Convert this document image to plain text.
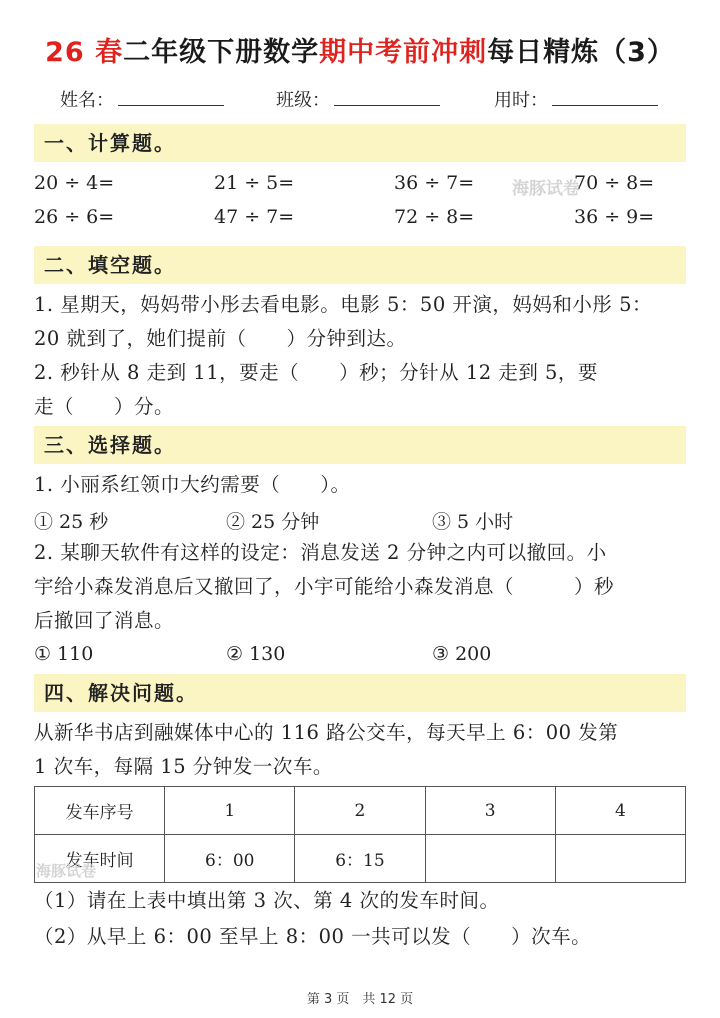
26 春二年级下册数学期中考前冲刺每日精炼（3）
姓名：	班级：	用时：
一、计算题。
20 ÷ 4=	21 ÷ 5=	36 ÷ 7=	70 ÷ 8=
26 ÷ 6=	47 ÷ 7=	72 ÷ 8=	36 ÷ 9=
海豚试卷
二、填空题。
1. 星期天，妈妈带小彤去看电影。电影 5：50 开演，妈妈和小彤 5：
20 就到了，她们提前（　　）分钟到达。
2. 秒针从 8 走到 11，要走（　　）秒；分针从 12 走到 5，要
走（　　）分。
三、选择题。
1. 小丽系红领巾大约需要（　　）。
① 25 秒	② 25 分钟	③ 5 小时
2. 某聊天软件有这样的设定：消息发送 2 分钟之内可以撤回。小
宇给小森发消息后又撤回了，小宇可能给小森发消息（　　　）秒
后撤回了消息。
① 110	② 130	③ 200
四、解决问题。
从新华书店到融媒体中心的 116 路公交车，每天早上 6：00 发第
1 次车，每隔 15 分钟发一次车。
发车序号	1	2	3	4
发车时间	6：00	6：15		
海豚试卷
（1）请在上表中填出第 3 次、第 4 次的发车时间。
（2）从早上 6：00 至早上 8：00 一共可以发（　　）次车。
第 3 页　共 12 页
